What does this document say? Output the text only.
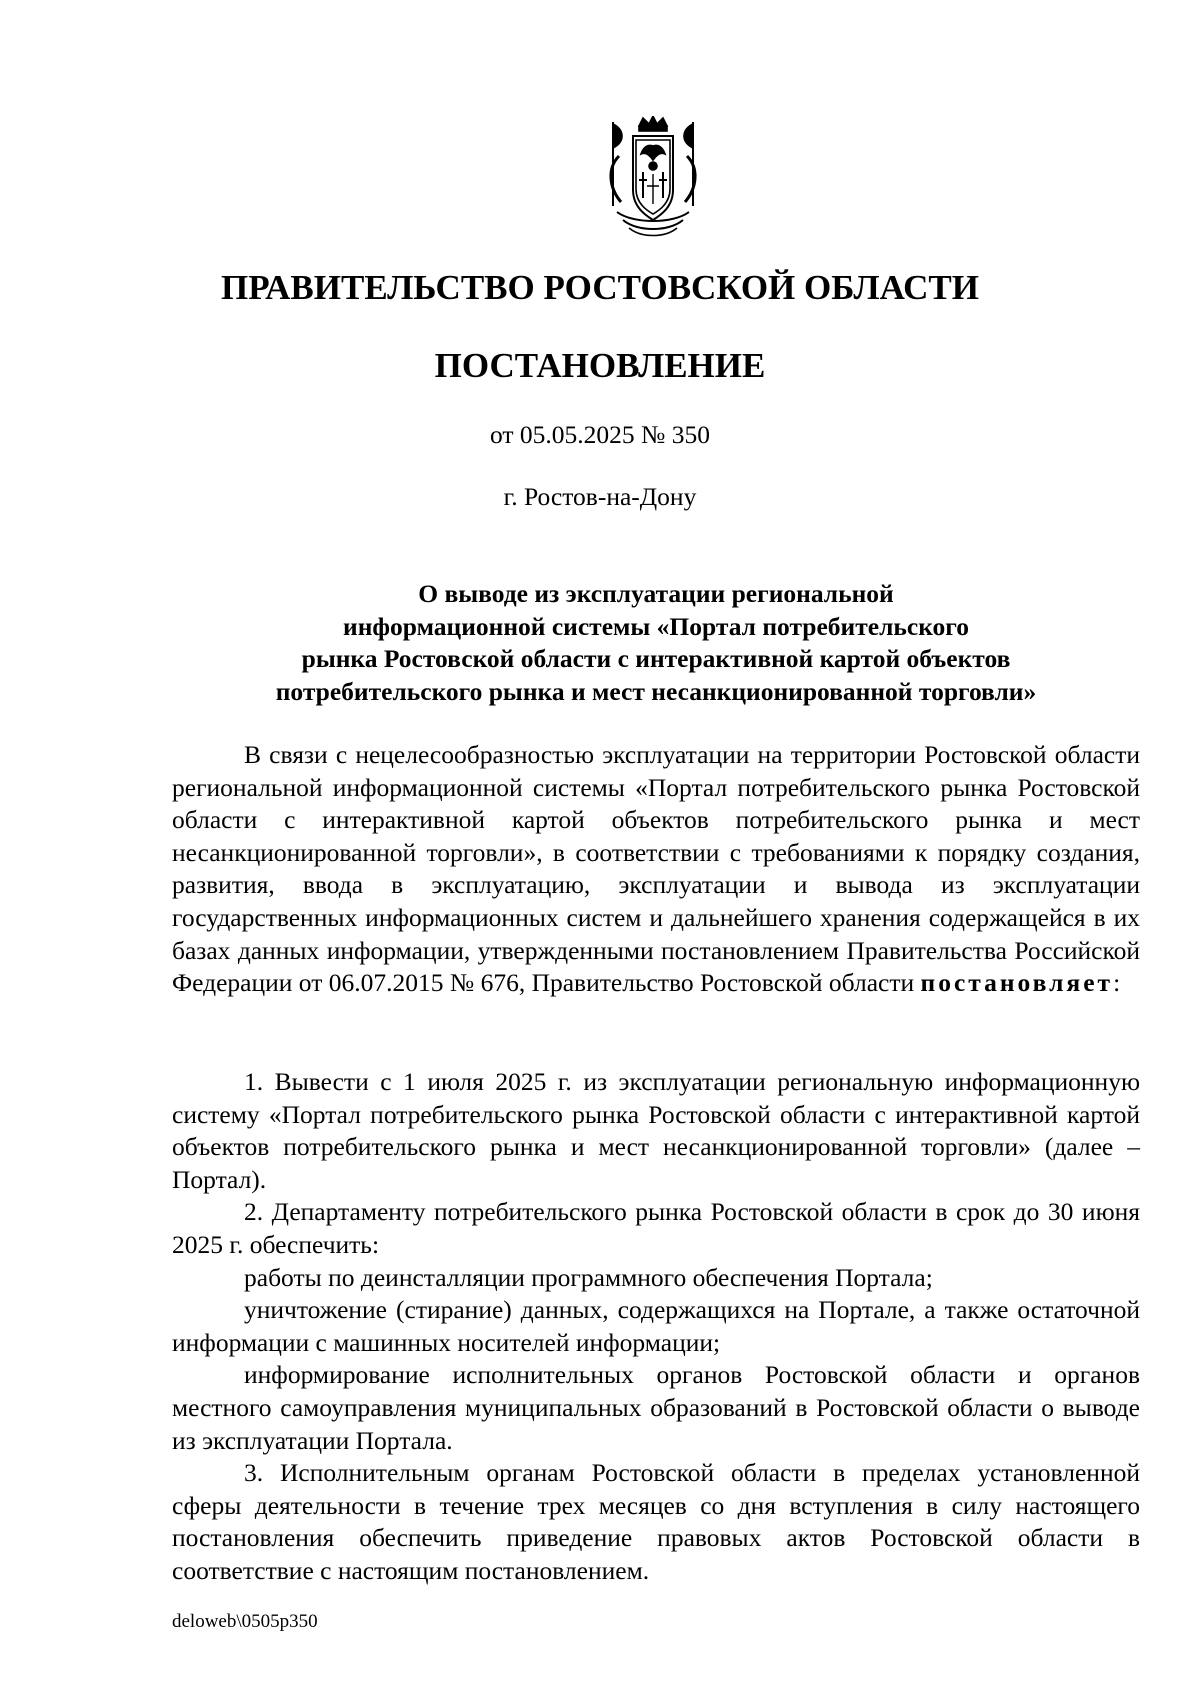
ПРАВИТЕЛЬСТВО РОСТОВСКОЙ ОБЛАСТИ
ПОСТАНОВЛЕНИЕ
от 05.05.2025 № 350
г. Ростов-на-Дону
О выводе из эксплуатации региональной
информационной системы «Портал потребительского
рынка Ростовской области с интерактивной картой объектов
потребительского рынка и мест несанкционированной торговли»

В связи с нецелесообразностью эксплуатации на территории Ростовской области региональной информационной системы «Портал потребительского рынка Ростовской области с интерактивной картой объектов потребительского рынка и мест несанкционированной торговли», в соответствии с требованиями к порядку создания, развития, ввода в эксплуатацию, эксплуатации и вывода из эксплуатации государственных информационных систем и дальнейшего хранения содержащейся в их базах данных информации, утвержденными постановлением Правительства Российской Федерации от 06.07.2015 № 676, Правительство Ростовской области постановляет:

1. Вывести с 1 июля 2025 г. из эксплуатации региональную информационную систему «Портал потребительского рынка Ростовской области с интерактивной картой объектов потребительского рынка и мест несанкционированной торговли» (далее – Портал).

2. Департаменту потребительского рынка Ростовской области в срок до 30 июня 2025 г. обеспечить:

работы по деинсталляции программного обеспечения Портала;

уничтожение (стирание) данных, содержащихся на Портале, а также остаточной информации с машинных носителей информации;

информирование исполнительных органов Ростовской области и органов местного самоуправления муниципальных образований в Ростовской области о выводе из эксплуатации Портала.

3. Исполнительным органам Ростовской области в пределах установленной сферы деятельности в течение трех месяцев со дня вступления в силу настоящего постановления обеспечить приведение правовых актов Ростовской области в соответствие с настоящим постановлением.

deloweb\0505p350
